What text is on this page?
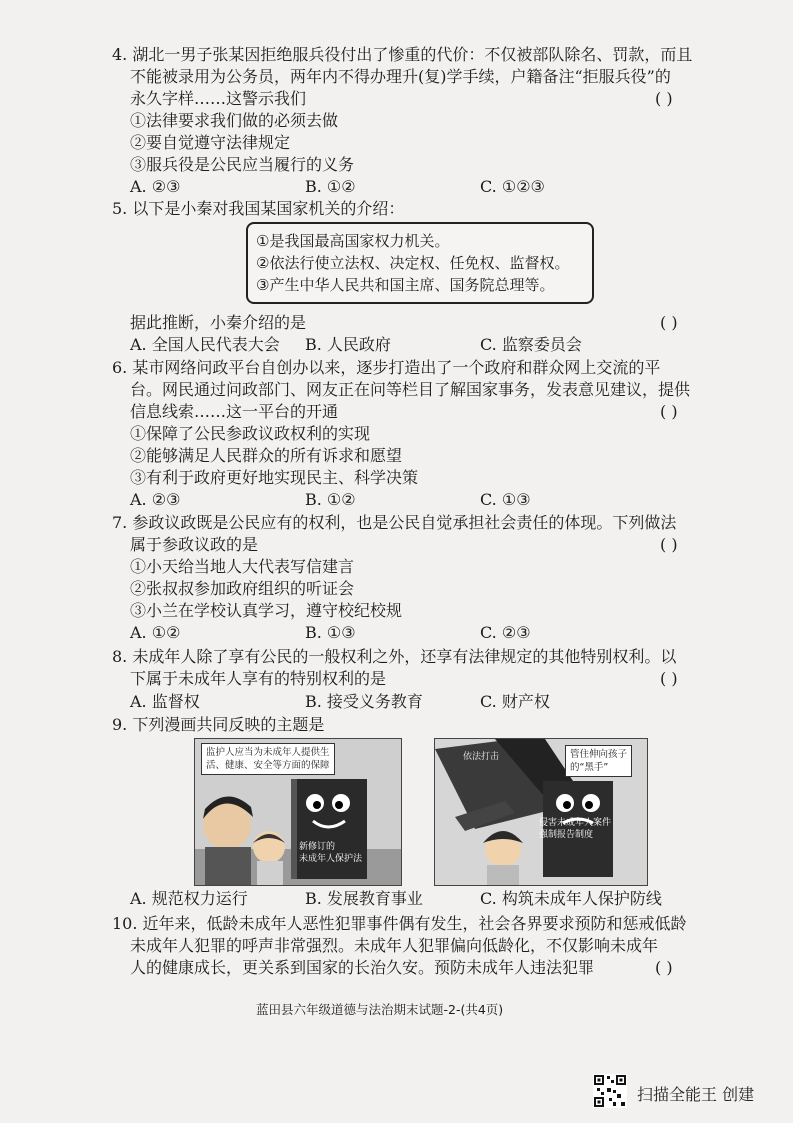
4. 湖北一男子张某因拒绝服兵役付出了惨重的代价：不仅被部队除名、罚款，而且
不能被录用为公务员，两年内不得办理升(复)学手续，户籍备注“拒服兵役”的
永久字样……这警示我们	( )
①法律要求我们做的必须去做
②要自觉遵守法律规定
③服兵役是公民应当履行的义务
A. ②③	B. ①②	C. ①②③
5. 以下是小秦对我国某国家机关的介绍：
①是我国最高国家权力机关。
②依法行使立法权、决定权、任免权、监督权。
③产生中华人民共和国主席、国务院总理等。
据此推断，小秦介绍的是	( )
A. 全国人民代表大会 B. 人民政府	C. 监察委员会
6. 某市网络问政平台自创办以来，逐步打造出了一个政府和群众网上交流的平
台。网民通过问政部门、网友正在问等栏目了解国家事务，发表意见建议，提供
信息线索……这一平台的开通	( )
①保障了公民参政议政权利的实现
②能够满足人民群众的所有诉求和愿望
③有利于政府更好地实现民主、科学决策
A. ②③	B. ①②	C. ①③
7. 参政议政既是公民应有的权利，也是公民自觉承担社会责任的体现。下列做法
属于参政议政的是	( )
①小天给当地人大代表写信建言
②张叔叔参加政府组织的听证会
③小兰在学校认真学习，遵守校纪校规
A. ①②	B. ①③	C. ②③
8. 未成年人除了享有公民的一般权利之外，还享有法律规定的其他特别权利。以
下属于未成年人享有的特别权利的是	( )
A. 监督权	B. 接受义务教育	C. 财产权
9. 下列漫画共同反映的主题是
监护人应当为未成年人提供生
活、健康、安全等方面的保障
新修订的
未成年人保护法
依法打击	管住伸向孩子
的“黑手”
侵害未成年人案件
强制报告制度
A. 规范权力运行	B. 发展教育事业	C. 构筑未成年人保护防线
10. 近年来，低龄未成年人恶性犯罪事件偶有发生，社会各界要求预防和惩戒低龄
未成年人犯罪的呼声非常强烈。未成年人犯罪偏向低龄化，不仅影响未成年
人的健康成长，更关系到国家的长治久安。预防未成年人违法犯罪	( )
蓝田县六年级道德与法治期末试题-2-(共4页)
扫描全能王 创建
